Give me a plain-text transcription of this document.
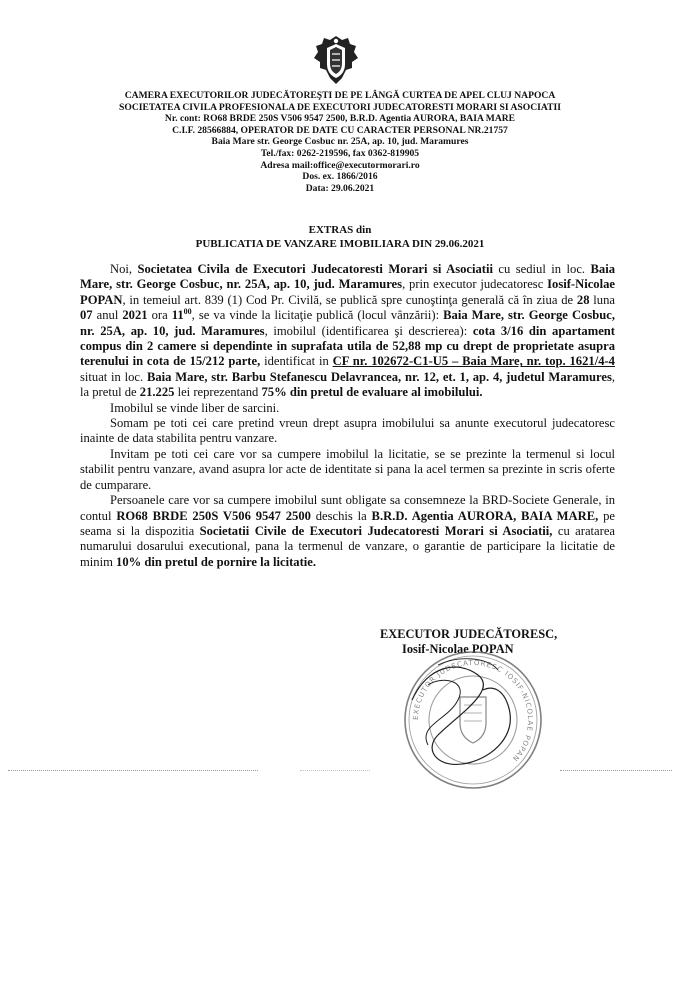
CAMERA EXECUTORILOR JUDECĂTOREŞTI DE PE LÂNGĂ CURTEA DE APEL CLUJ NAPOCA
SOCIETATEA CIVILA PROFESIONALA DE EXECUTORI JUDECATORESTI MORARI SI ASOCIATII
Nr. cont: RO68 BRDE 250S V506 9547 2500, B.R.D. Agentia AURORA, BAIA MARE
C.I.F. 28566884, OPERATOR DE DATE CU CARACTER PERSONAL NR.21757
Baia Mare str. George Cosbuc nr. 25A, ap. 10, jud. Maramures
Tel./fax: 0262-219596, fax 0362-819905
Adresa mail:office@executormorari.ro
Dos. ex. 1866/2016
Data: 29.06.2021
EXTRAS din
PUBLICATIA DE VANZARE IMOBILIARA DIN 29.06.2021

Noi, Societatea Civila de Executori Judecatoresti Morari si Asociatii cu sediul in loc. Baia Mare, str. George Cosbuc, nr. 25A, ap. 10, jud. Maramures, prin executor judecatoresc Iosif-Nicolae POPAN, in temeiul art. 839 (1) Cod Pr. Civilă, se publică spre cunoştinţa generală că în ziua de 28 luna 07 anul 2021 ora $11^{00}$, se va vinde la licitaţie publică (locul vânzării): Baia Mare, str. George Cosbuc, nr. 25A, ap. 10, jud. Maramures, imobilul (identificarea şi descrierea): cota 3/16 din apartament compus din 2 camere si dependinte in suprafata utila de 52,88 mp cu drept de proprietate asupra terenului in cota de 15/212 parte, identificat in CF nr. 102672-C1-U5 – Baia Mare, nr. top. 1621/4-4 situat in loc. Baia Mare, str. Barbu Stefanescu Delavrancea, nr. 12, et. 1, ap. 4, judetul Maramures, la pretul de 21.225 lei reprezentand 75% din pretul de evaluare al imobilului.

Imobilul se vinde liber de sarcini.

Somam pe toti cei care pretind vreun drept asupra imobilului sa anunte executorul judecatoresc inainte de data stabilita pentru vanzare.

Invitam pe toti cei care vor sa cumpere imobilul la licitatie, se se prezinte la termenul si locul stabilit pentru vanzare, avand asupra lor acte de identitate si pana la acel termen sa prezinte in scris oferte de cumparare.

Persoanele care vor sa cumpere imobilul sunt obligate sa consemneze la BRD-Societe Generale, in contul RO68 BRDE 250S V506 9547 2500 deschis la B.R.D. Agentia AURORA, BAIA MARE, pe seama si la dispozitia Societatii Civile de Executori Judecatoresti Morari si Asociatii, cu aratarea numarului dosarului executional, pana la termenul de vanzare, o garantie de participare la licitatie de minim 10% din pretul de pornire la licitatie.

EXECUTOR JUDECĂTORESC,
Iosif-Nicolae POPAN
EXECUTOR JUDECATORESC IOSIF-NICOLAE POPAN
